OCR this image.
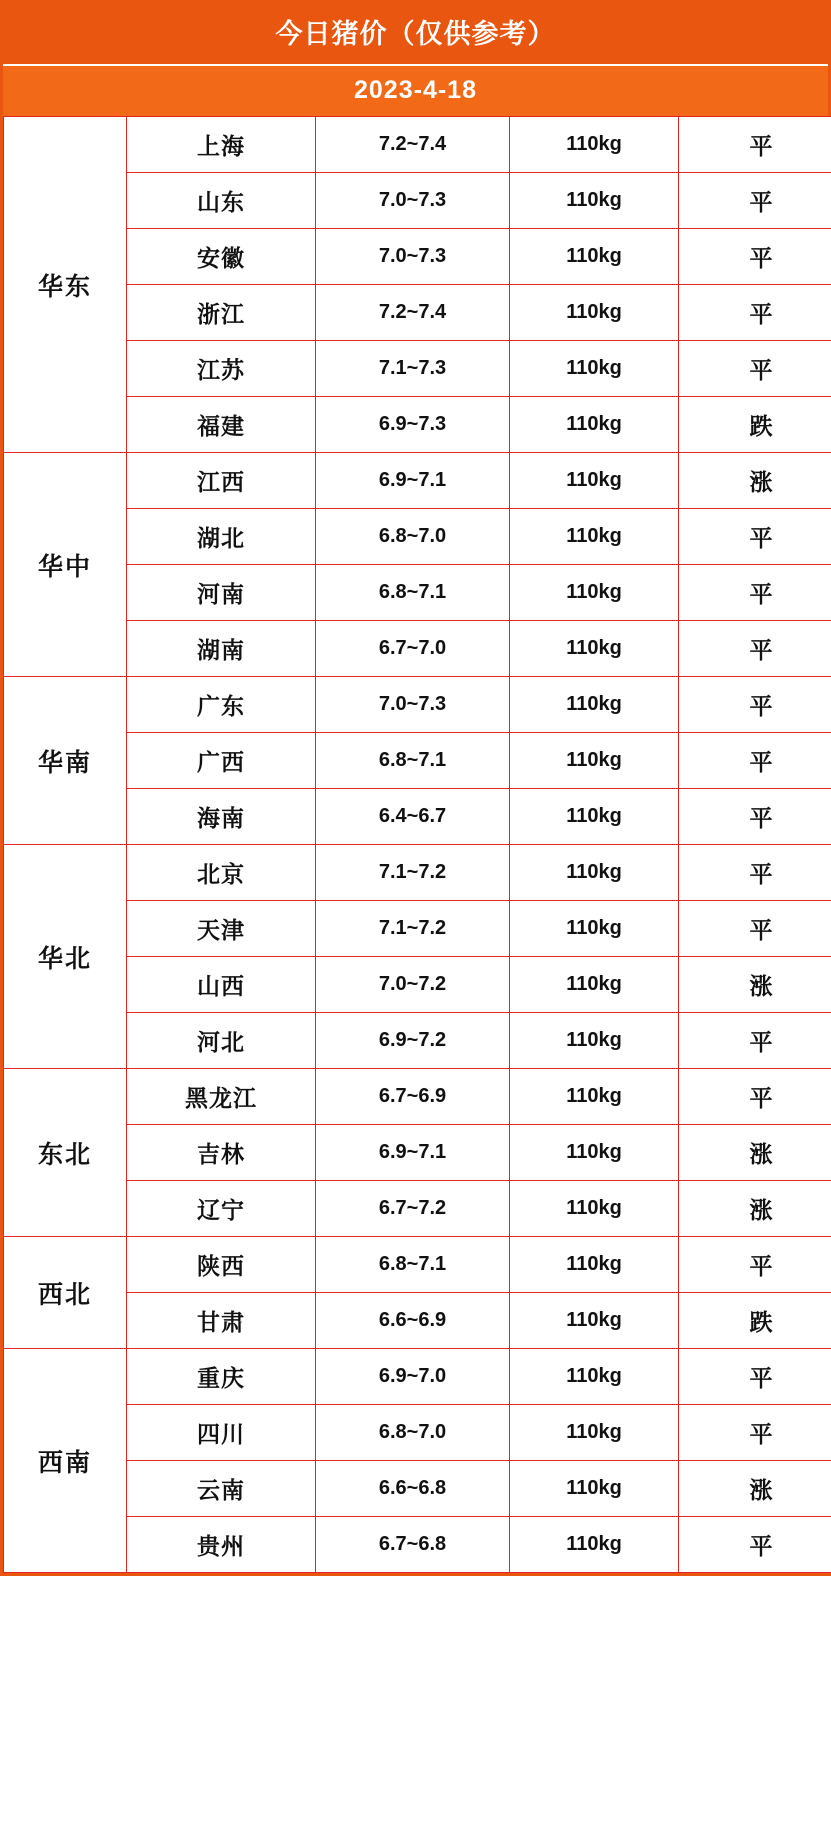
今日猪价（仅供参考）
2023-4-18
华东	上海	7.2~7.4	110kg	平
	山东	7.0~7.3	110kg	平
	安徽	7.0~7.3	110kg	平
	浙江	7.2~7.4	110kg	平
	江苏	7.1~7.3	110kg	平
	福建	6.9~7.3	110kg	跌
华中	江西	6.9~7.1	110kg	涨
	湖北	6.8~7.0	110kg	平
	河南	6.8~7.1	110kg	平
	湖南	6.7~7.0	110kg	平
华南	广东	7.0~7.3	110kg	平
	广西	6.8~7.1	110kg	平
	海南	6.4~6.7	110kg	平
华北	北京	7.1~7.2	110kg	平
	天津	7.1~7.2	110kg	平
	山西	7.0~7.2	110kg	涨
	河北	6.9~7.2	110kg	平
东北	黑龙江	6.7~6.9	110kg	平
	吉林	6.9~7.1	110kg	涨
	辽宁	6.7~7.2	110kg	涨
西北	陕西	6.8~7.1	110kg	平
	甘肃	6.6~6.9	110kg	跌
西南	重庆	6.9~7.0	110kg	平
	四川	6.8~7.0	110kg	平
	云南	6.6~6.8	110kg	涨
	贵州	6.7~6.8	110kg	平
